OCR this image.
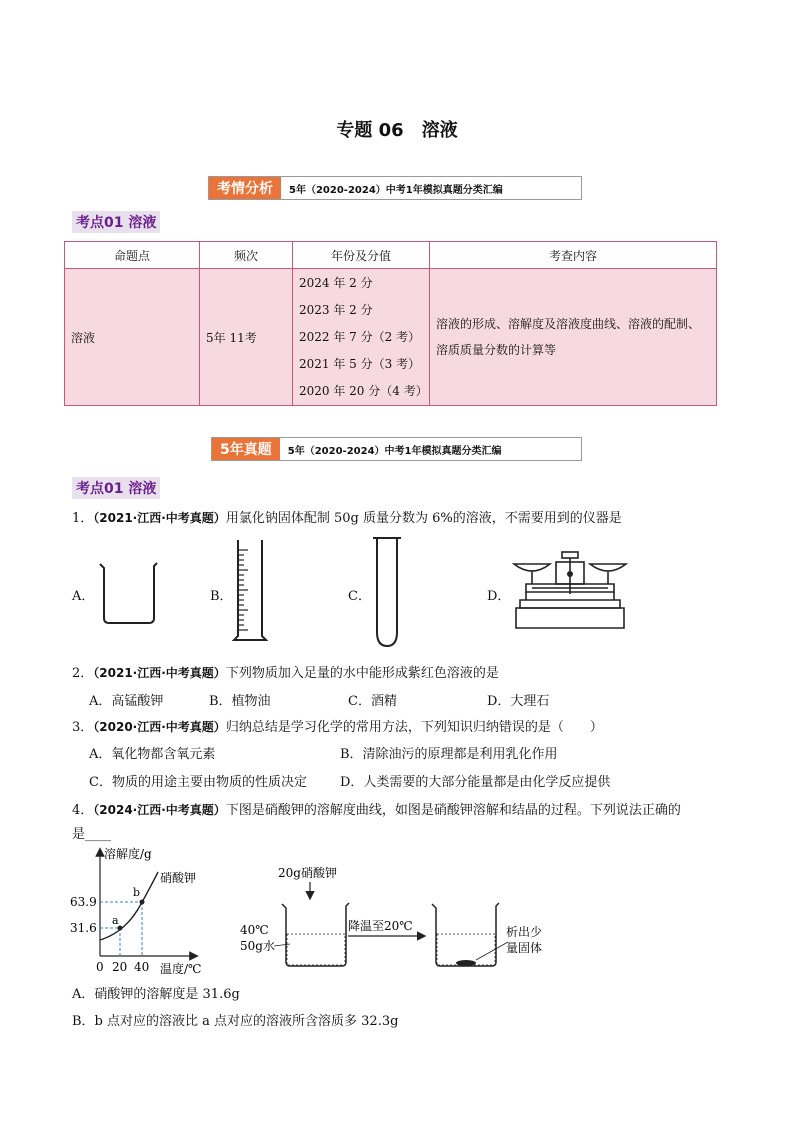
专题 06　溶液
考情分析	5年（2020-2024）中考1年模拟真题分类汇编
考点01 溶液
命题点	频次	年份及分值	考查内容
溶液	5年 11考	2024 年 2 分
2023 年 2 分
2022 年 7 分（2 考）
2021 年 5 分（3 考）
2020 年 20 分（4 考）	溶液的形成、溶解度及溶液度曲线、溶液的配制、溶质质量分数的计算等
5年真题	5年（2020-2024）中考1年模拟真题分类汇编
考点01 溶液
1．（2021·江西·中考真题）用氯化钠固体配制 50g 质量分数为 6%的溶液，不需要用到的仪器是
A．	B．	C．	D．
2．（2021·江西·中考真题）下列物质加入足量的水中能形成紫红色溶液的是
A．高锰酸钾	B．植物油	C．酒精	D．大理石
3．（2020·江西·中考真题）归纳总结是学习化学的常用方法，下列知识归纳错误的是（　　）
A．氧化物都含氧元素	B．清除油污的原理都是利用乳化作用
C．物质的用途主要由物质的性质决定	D．人类需要的大部分能量都是由化学反应提供
4．（2024·江西·中考真题）下图是硝酸钾的溶解度曲线，如图是硝酸钾溶解和结晶的过程。下列说法正确的
是____
溶解度/g
硝酸钾
63.9
31.6
a
b
0 20 40 温度/℃
20g硝酸钾
40℃
50g水
降温至20℃	析出少
量固体
A．硝酸钾的溶解度是 31.6g
B．b 点对应的溶液比 a 点对应的溶液所含溶质多 32.3g
